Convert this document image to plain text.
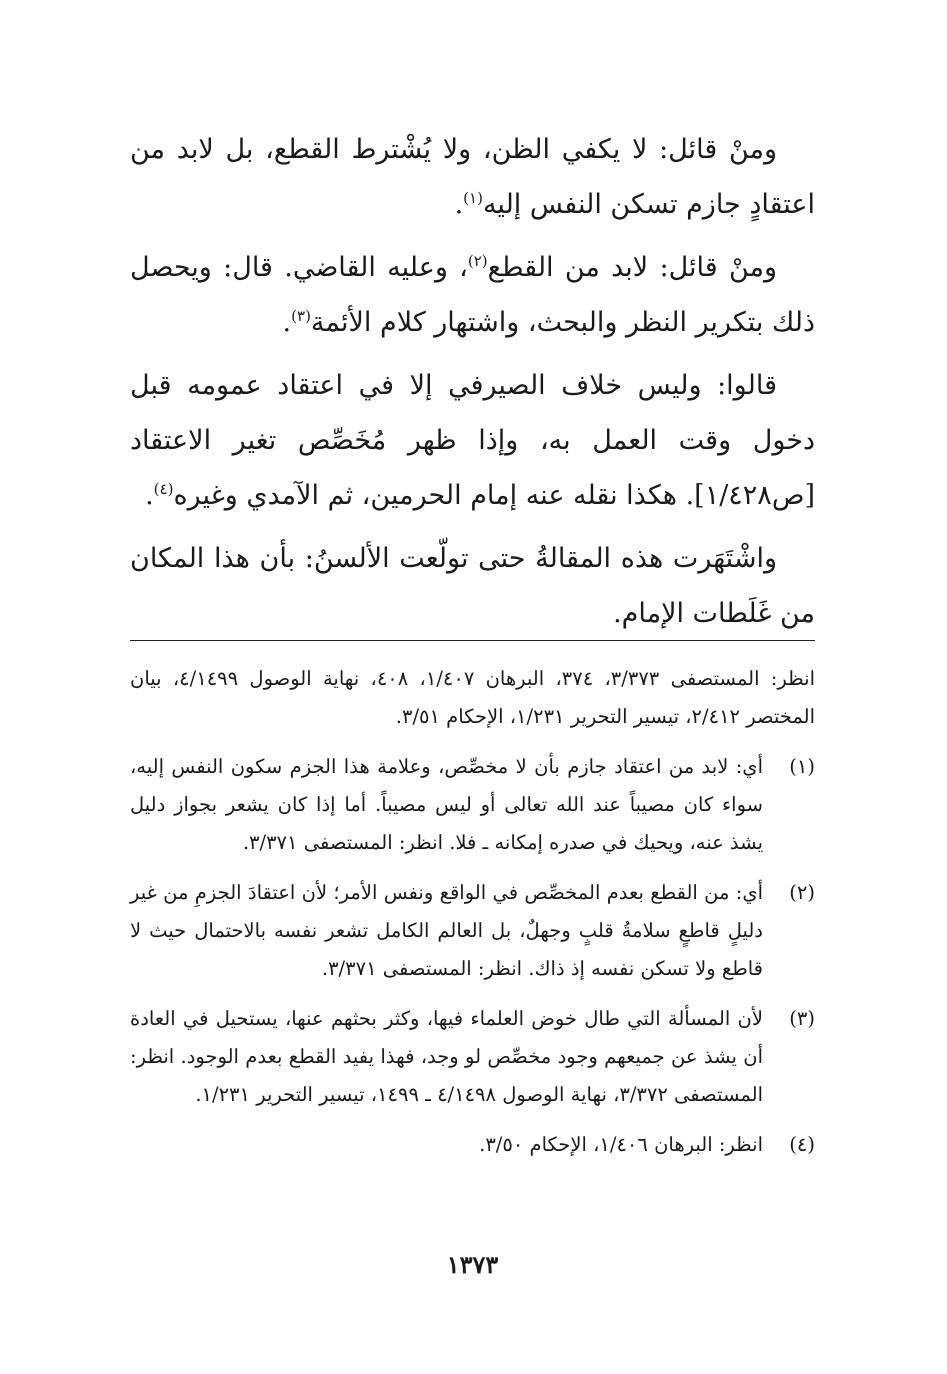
ومنْ قائل: لا يكفي الظن، ولا يُشْترط القطع، بل لابد من اعتقادٍ جازم تسكن النفس إليه$^{(١)}$.

ومنْ قائل: لابد من القطع$^{(٢)}$، وعليه القاضي. قال: ويحصل ذلك بتكرير النظر والبحث، واشتهار كلام الأئمة$^{(٣)}$.

قالوا: وليس خلاف الصيرفي إلا في اعتقاد عمومه قبل دخول وقت العمل به، وإذا ظهر مُخَصِّص تغير الاعتقاد [ص١/٤٢٨]. هكذا نقله عنه إمام الحرمين، ثم الآمدي وغيره$^{(٤)}$.

واشْتَهَرت هذه المقالةُ حتى تولّعت الألسنُ: بأن هذا المكان من غَلَطات الإمام.

انظر: المستصفى ٣/٣٧٣، ٣٧٤، البرهان ١/٤٠٧، ٤٠٨، نهاية الوصول ٤/١٤٩٩، بيان المختصر ٢/٤١٢، تيسير التحرير ١/٢٣١، الإحكام ٣/٥١.
(١)
أي: لابد من اعتقاد جازم بأن لا مخصِّص، وعلامة هذا الجزم سكون النفس إليه، سواء كان مصيباً عند الله تعالى أو ليس مصيباً. أما إذا كان يشعر بجواز دليل يشذ عنه، ويحيك في صدره إمكانه ـ فلا. انظر: المستصفى ٣/٣٧١.
(٢)
أي: من القطع بعدم المخصِّص في الواقع ونفس الأمر؛ لأن اعتقادَ الجزمِ من غير دليلٍ قاطعٍ سلامةُ قلبٍ وجهلٌ، بل العالم الكامل تشعر نفسه بالاحتمال حيث لا قاطع ولا تسكن نفسه إذ ذاك. انظر: المستصفى ٣/٣٧١.
(٣)
لأن المسألة التي طال خوض العلماء فيها، وكثر بحثهم عنها، يستحيل في العادة أن يشذ عن جميعهم وجود مخصِّص لو وجد، فهذا يفيد القطع بعدم الوجود. انظر: المستصفى ٣/٣٧٢، نهاية الوصول ٤/١٤٩٨ ـ ١٤٩٩، تيسير التحرير ١/٢٣١.
(٤)
انظر: البرهان ١/٤٠٦، الإحكام ٣/٥٠.
١٣٧٣
